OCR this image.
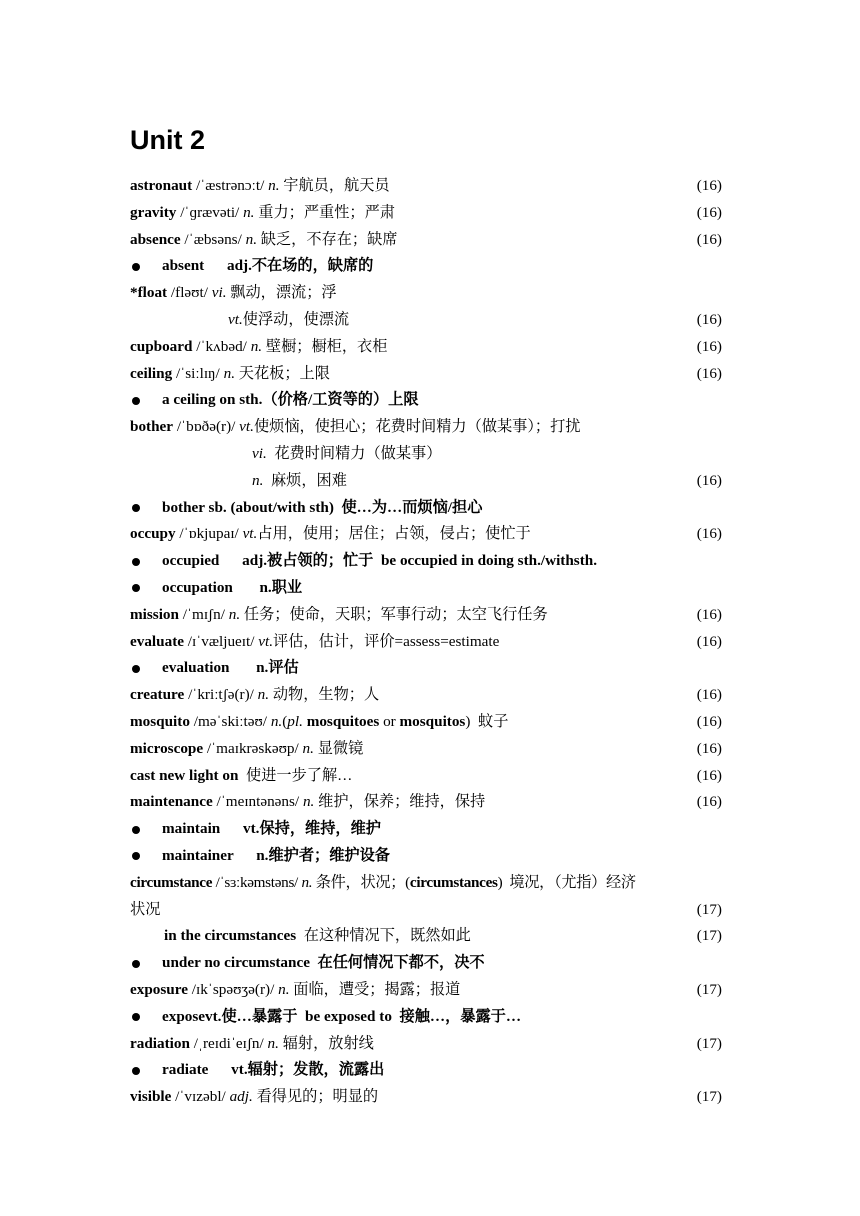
Unit 2
astronaut /ˈæstrənɔːt/ n. 宇航员，航天员	(16)
gravity /ˈɡrævəti/ n. 重力；严重性；严肃	(16)
absence /ˈæbsəns/ n. 缺乏，不存在；缺席	(16)
absent      adj.不在场的，缺席的
*float /fləʊt/ vi. 飘动，漂流；浮
vt.使浮动，使漂流	(16)
cupboard /ˈkʌbəd/ n. 壁橱；橱柜，衣柜	(16)
ceiling /ˈsiːlɪŋ/ n. 天花板；上限	(16)
a ceiling on sth.（价格/工资等的）上限
bother /ˈbɒðə(r)/ vt.使烦恼，使担心；花费时间精力（做某事）；打扰
vi.  花费时间精力（做某事）
n.  麻烦，困难	(16)
bother sb. (about/with sth)  使…为…而烦恼/担心
occupy /ˈɒkjupaɪ/ vt.占用，使用；居住；占领，侵占；使忙于	(16)
occupied      adj.被占领的；忙于  be occupied in doing sth./withsth.
occupation       n.职业
mission /ˈmɪʃn/ n. 任务；使命，天职；军事行动；太空飞行任务	(16)
evaluate /ɪˈvæljueɪt/ vt.评估，估计，评价=assess=estimate	(16)
evaluation       n.评估
creature /ˈkriːtʃə(r)/ n. 动物，生物；人	(16)
mosquito /məˈskiːtəʊ/ n.(pl. mosquitoes or mosquitos)  蚊子	(16)
microscope /ˈmaɪkrəskəʊp/ n. 显微镜	(16)
cast new light on  使进一步了解…	(16)
maintenance /ˈmeɪntənəns/ n. 维护，保养；维持，保持	(16)
maintain      vt.保持，维持，维护
maintainer      n.维护者；维护设备
circumstance /ˈsɜːkəmstəns/ n. 条件，状况；(circumstances)  境况，（尤指）经济
状况	(17)
in the circumstances  在这种情况下，既然如此	(17)
under no circumstance  在任何情况下都不，决不
exposure /ɪkˈspəʊʒə(r)/ n. 面临，遭受；揭露；报道	(17)
exposevt.使…暴露于  be exposed to  接触…，暴露于…
radiation /ˌreɪdiˈeɪʃn/ n. 辐射，放射线	(17)
radiate      vt.辐射；发散，流露出
visible /ˈvɪzəbl/ adj. 看得见的；明显的	(17)
